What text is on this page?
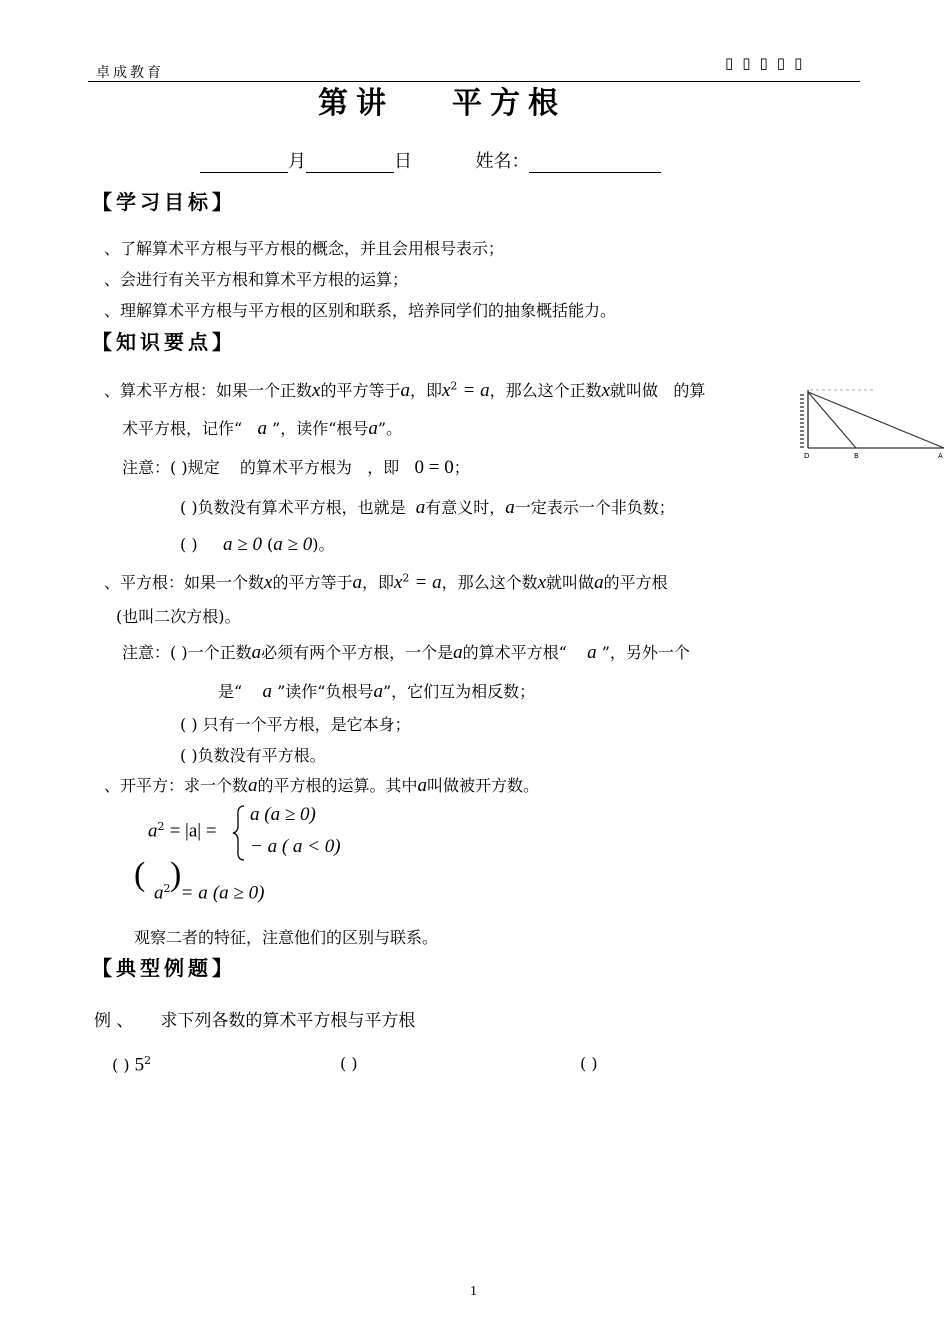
卓成教育
▯▯▯▯▯
第讲 平方根
月	日	姓名：
【学习目标】
、了解算术平方根与平方根的概念，并且会用根号表示；
、会进行有关平方根和算术平方根的运算；
、理解算术平方根与平方根的区别和联系，培养同学们的抽象概括能力。
【知识要点】
、算术平方根：如果一个正数x的平方等于a，即$x^2 = a$，那么这个正数x就叫做 的算
术平方根，记作“ a ”，读作“根号a”。
D	B	A
注意：( )规定 的算术平方根为 ，即 0 = 0；
( )负数没有算术平方根，也就是 a有意义时，a一定表示一个非负数；
( ) a ≥ 0 (a ≥ 0)。
、平方根：如果一个数x的平方等于a，即$x^2 = a$，那么这个数x就叫做a的平方根
(也叫二次方根)。
注意：( )一个正数a必须有两个平方根，一个是a的算术平方根“ a ”，另外一个
是“ a ”读作“负根号a”，它们互为相反数；
( ) 只有一个平方根，是它本身；
( )负数没有平方根。
、开平方：求一个数a的平方根的运算。其中a叫做被开方数。
$a^2 = |a|$ =
a (a ≥ 0)
− a ( a < 0)
( )
$a^2 = a$ (a ≥ 0)
观察二者的特征，注意他们的区别与联系。
【典型例题】
例 、 求下列各数的算术平方根与平方根
( ) $5^2$	( )	( )
1
